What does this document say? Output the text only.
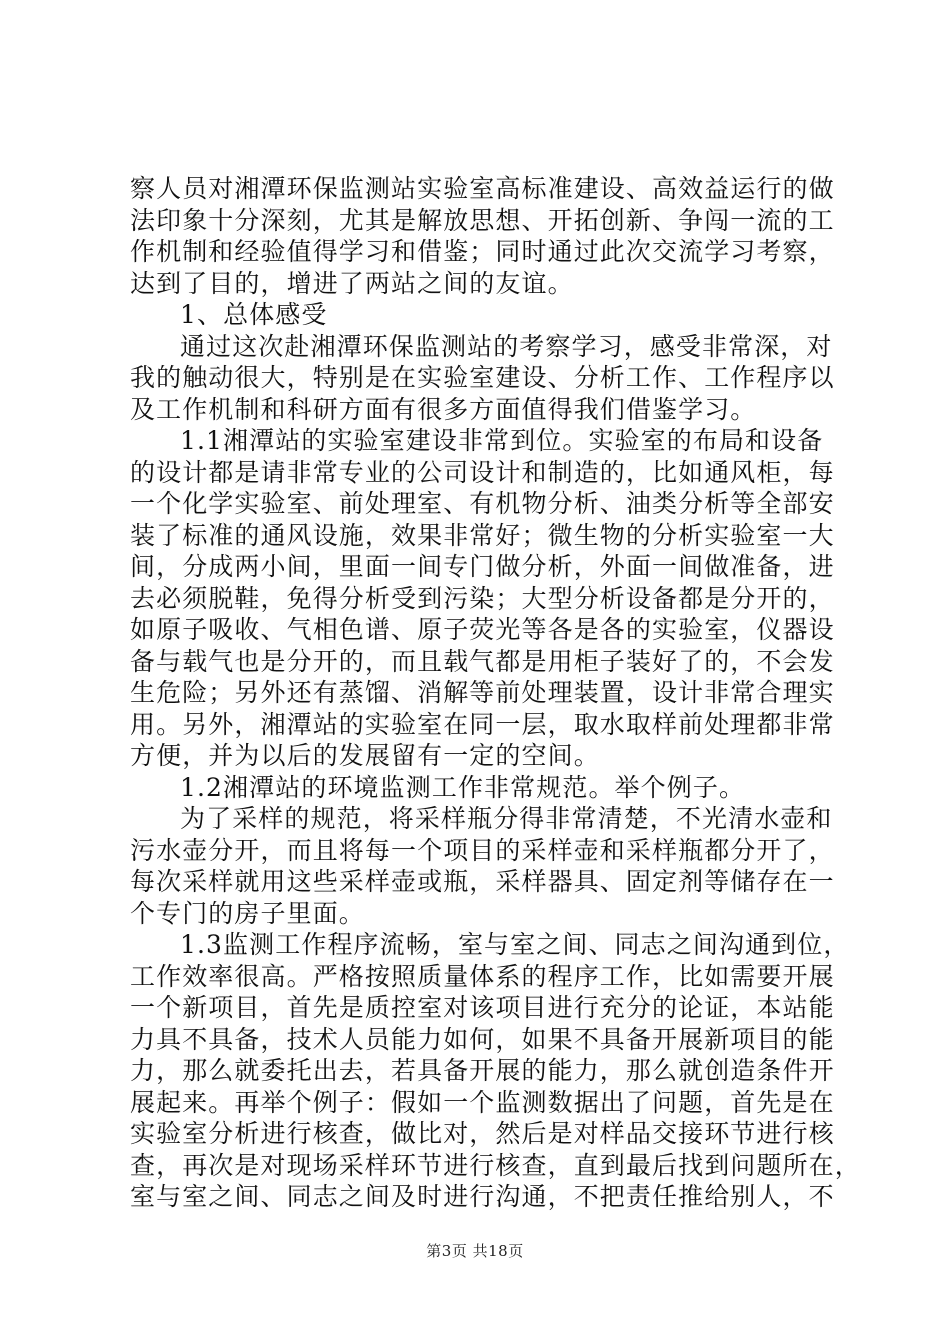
察人员对湘潭环保监测站实验室高标准建设、高效益运行的做
法印象十分深刻，尤其是解放思想、开拓创新、争闯一流的工
作机制和经验值得学习和借鉴；同时通过此次交流学习考察，
达到了目的，增进了两站之间的友谊。
1、总体感受
通过这次赴湘潭环保监测站的考察学习，感受非常深，对
我的触动很大，特别是在实验室建设、分析工作、工作程序以
及工作机制和科研方面有很多方面值得我们借鉴学习。
1.1湘潭站的实验室建设非常到位。实验室的布局和设备
的设计都是请非常专业的公司设计和制造的，比如通风柜，每
一个化学实验室、前处理室、有机物分析、油类分析等全部安
装了标准的通风设施，效果非常好；微生物的分析实验室一大
间，分成两小间，里面一间专门做分析，外面一间做准备，进
去必须脱鞋，免得分析受到污染；大型分析设备都是分开的，
如原子吸收、气相色谱、原子荧光等各是各的实验室，仪器设
备与载气也是分开的，而且载气都是用柜子装好了的，不会发
生危险；另外还有蒸馏、消解等前处理装置，设计非常合理实
用。另外，湘潭站的实验室在同一层，取水取样前处理都非常
方便，并为以后的发展留有一定的空间。
1.2湘潭站的环境监测工作非常规范。举个例子。
为了采样的规范，将采样瓶分得非常清楚，不光清水壶和
污水壶分开，而且将每一个项目的采样壶和采样瓶都分开了，
每次采样就用这些采样壶或瓶，采样器具、固定剂等储存在一
个专门的房子里面。
1.3监测工作程序流畅，室与室之间、同志之间沟通到位，
工作效率很高。严格按照质量体系的程序工作，比如需要开展
一个新项目，首先是质控室对该项目进行充分的论证，本站能
力具不具备，技术人员能力如何，如果不具备开展新项目的能
力，那么就委托出去，若具备开展的能力，那么就创造条件开
展起来。再举个例子：假如一个监测数据出了问题，首先是在
实验室分析进行核查，做比对，然后是对样品交接环节进行核
查，再次是对现场采样环节进行核查，直到最后找到问题所在，
室与室之间、同志之间及时进行沟通，不把责任推给别人，不
第3页 共18页
